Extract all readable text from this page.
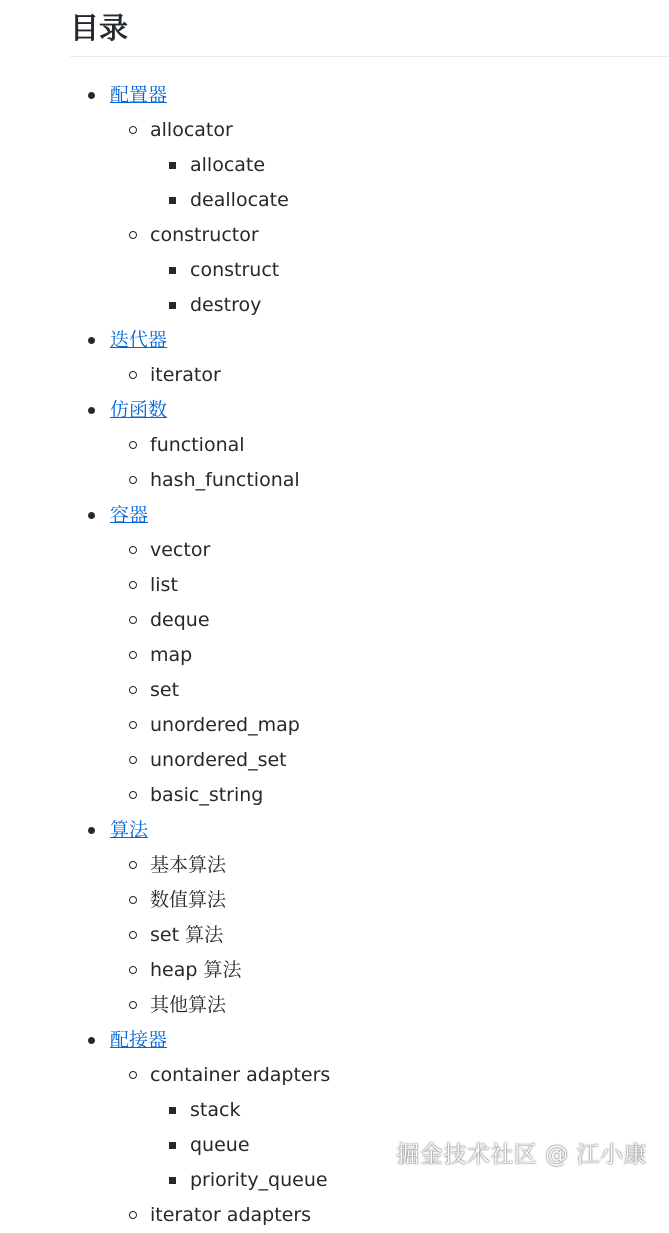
目录
配置器
allocator
allocate
deallocate
constructor
construct
destroy
迭代器
iterator
仿函数
functional
hash_functional
容器
vector
list
deque
map
set
unordered_map
unordered_set
basic_string
算法
基本算法
数值算法
set 算法
heap 算法
其他算法
配接器
container adapters
stack
queue
priority_queue
iterator adapters
掘金技术社区 @ 江小康
